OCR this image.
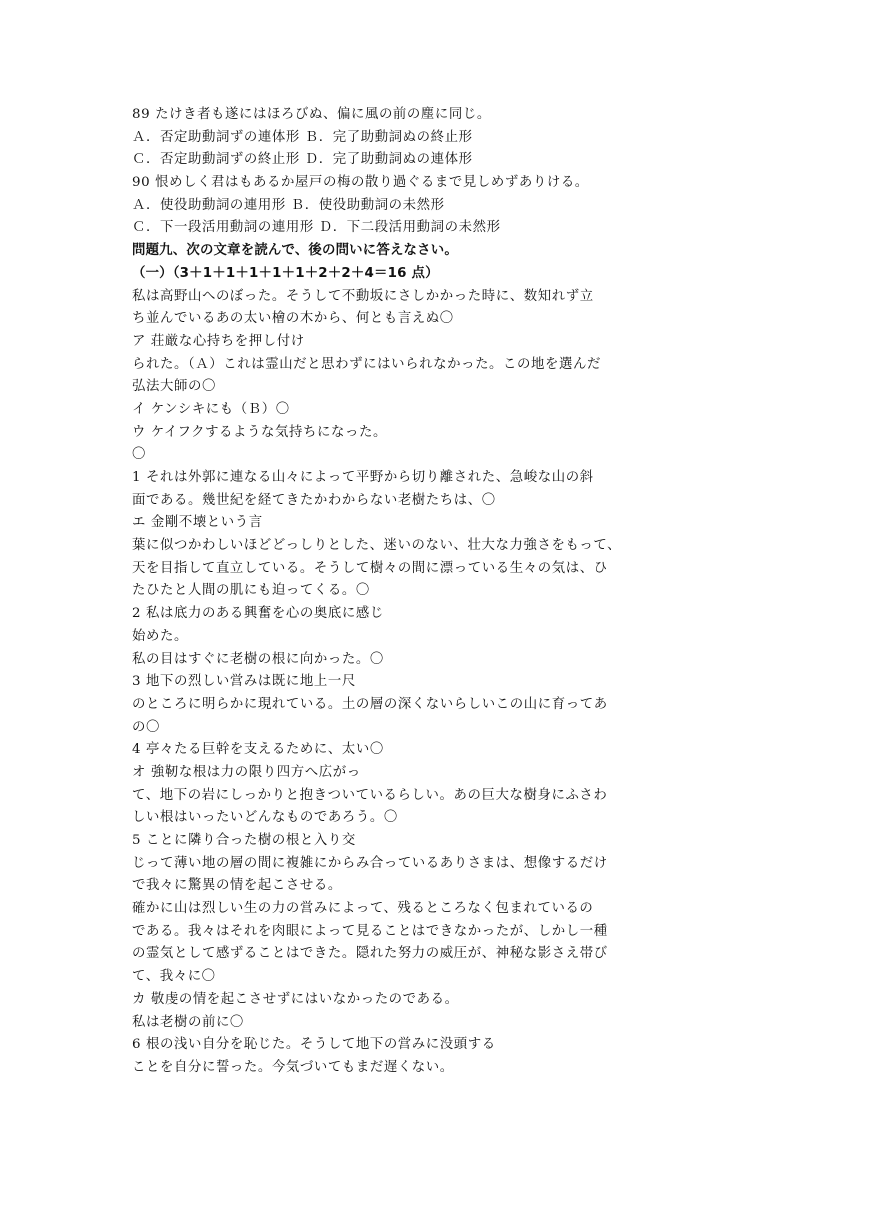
89 たけき者も遂にはほろびぬ、偏に風の前の塵に同じ。
Ａ．否定助動詞ずの連体形 Ｂ．完了助動詞ぬの終止形
Ｃ．否定助動詞ずの終止形 Ｄ．完了助動詞ぬの連体形
90 恨めしく君はもあるか屋戸の梅の散り過ぐるまで見しめずありける。
Ａ．使役助動詞の連用形 Ｂ．使役助動詞の未然形
Ｃ．下一段活用動詞の連用形 Ｄ．下二段活用動詞の未然形
問題九、次の文章を読んで、後の問いに答えなさい。
（一）（3＋1＋1＋1＋1＋1＋2＋2＋4＝16 点）
私は高野山へのぼった。そうして不動坂にさしかかった時に、数知れず立
ち並んでいるあの太い檜の木から、何とも言えぬ〇
ア 荘厳な心持ちを押し付け
られた。（Ａ）これは霊山だと思わずにはいられなかった。この地を選んだ
弘法大師の〇
イ ケンシキにも（Ｂ）〇
ウ ケイフクするような気持ちになった。
〇
1 それは外郭に連なる山々によって平野から切り離された、急峻な山の斜
面である。幾世紀を経てきたかわからない老樹たちは、〇
エ 金剛不壊という言
葉に似つかわしいほどどっしりとした、迷いのない、壮大な力強さをもって、
天を目指して直立している。そうして樹々の間に漂っている生々の気は、ひ
たひたと人間の肌にも迫ってくる。〇
2 私は底力のある興奮を心の奥底に感じ
始めた。
私の目はすぐに老樹の根に向かった。〇
3 地下の烈しい営みは既に地上一尺
のところに明らかに現れている。土の層の深くないらしいこの山に育ってあ
の〇
4 亭々たる巨幹を支えるために、太い〇
オ 強靭な根は力の限り四方へ広がっ
て、地下の岩にしっかりと抱きついているらしい。あの巨大な樹身にふさわ
しい根はいったいどんなものであろう。〇
5 ことに隣り合った樹の根と入り交
じって薄い地の層の間に複雑にからみ合っているありさまは、想像するだけ
で我々に驚異の情を起こさせる。
確かに山は烈しい生の力の営みによって、残るところなく包まれているの
である。我々はそれを肉眼によって見ることはできなかったが、しかし一種
の霊気として感ずることはできた。隠れた努力の威圧が、神秘な影さえ帯び
て、我々に〇
カ 敬虔の情を起こさせずにはいなかったのである。
私は老樹の前に〇
6 根の浅い自分を恥じた。そうして地下の営みに没頭する
ことを自分に誓った。今気づいてもまだ遅くない。
